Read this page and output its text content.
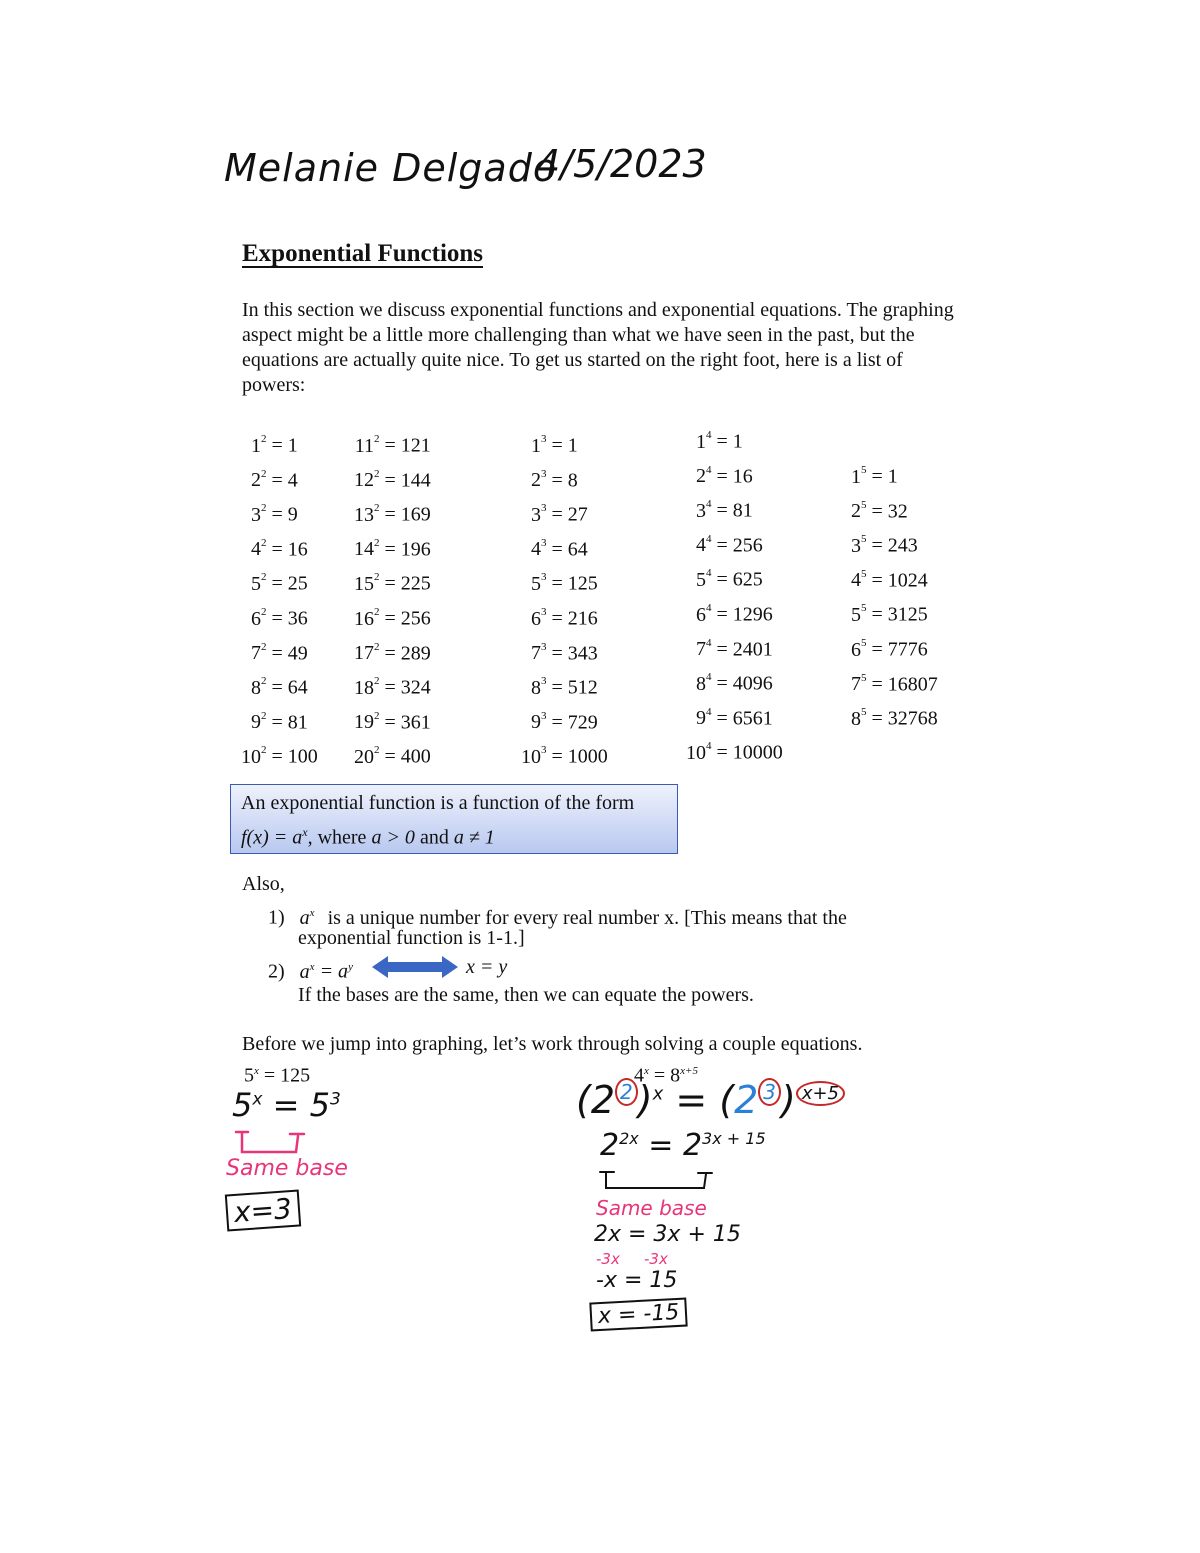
Melanie Delgado
4/5/2023
Exponential Functions
In this section we discuss exponential functions and exponential equations. The graphing aspect might be a little more challenging than what we have seen in the past, but the equations are actually quite nice. To get us started on the right foot, here is a list of powers:
$1^2 = 1$
$2^2 = 4$
$3^2 = 9$
$4^2 = 16$
$5^2 = 25$
$6^2 = 36$
$7^2 = 49$
$8^2 = 64$
$9^2 = 81$
$10^2 = 100$
$11^2 = 121$
$12^2 = 144$
$13^2 = 169$
$14^2 = 196$
$15^2 = 225$
$16^2 = 256$
$17^2 = 289$
$18^2 = 324$
$19^2 = 361$
$20^2 = 400$
$1^3 = 1$
$2^3 = 8$
$3^3 = 27$
$4^3 = 64$
$5^3 = 125$
$6^3 = 216$
$7^3 = 343$
$8^3 = 512$
$9^3 = 729$
$10^3 = 1000$
$1^4 = 1$
$2^4 = 16$
$3^4 = 81$
$4^4 = 256$
$5^4 = 625$
$6^4 = 1296$
$7^4 = 2401$
$8^4 = 4096$
$9^4 = 6561$
$10^4 = 10000$
$1^5 = 1$
$2^5 = 32$
$3^5 = 243$
$4^5 = 1024$
$5^5 = 3125$
$6^5 = 7776$
$7^5 = 16807$
$8^5 = 32768$
An exponential function is a function of the form
$f(x) = a^x$, where a > 0 and a ≠ 1
Also,
1) $a^x$ is a unique number for every real number x. [This means that the
exponential function is 1-1.]
2) $a^x = a^y$	x = y
If the bases are the same, then we can equate the powers.
Before we jump into graphing, let’s work through solving a couple equations.
$5^x = 125$
$5^x = 5^3$
Same base
x=3
$4^x = 8^{x+5}$
(2 $^2$ )$^x$ = (2 $^3$ ) $^{x+5}$
$2^{2x} = 2^{3x + 15}$
Same base
2x = 3x + 15
-3x -3x
-x = 15
x = -15
